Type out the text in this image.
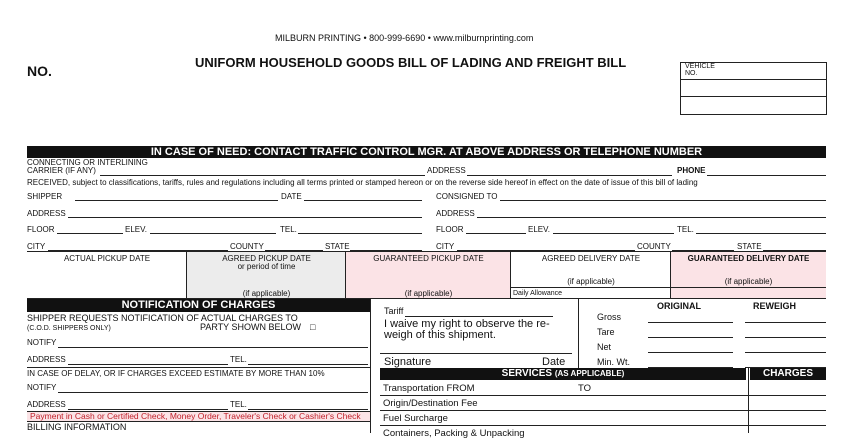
MILBURN PRINTING • 800-999-6690 • www.milburnprinting.com
NO.
UNIFORM HOUSEHOLD GOODS BILL OF LADING AND FREIGHT BILL	VEHICLE
NO.
IN CASE OF NEED: CONTACT TRAFFIC CONTROL MGR. AT ABOVE ADDRESS OR TELEPHONE NUMBER
CONNECTING OR INTERLINING
CARRIER (IF ANY)	ADDRESS	PHONE
RECEIVED, subject to classifications, tariffs, rules and regulations including all terms printed or stamped hereon or on the reverse side hereof in effect on the date of issue of this bill of lading
SHIPPER	DATE
ADDRESS
FLOOR	ELEV.	TEL.
CITY	COUNTY	STATE
CONSIGNED TO
ADDRESS
FLOOR	ELEV.	TEL.
CITY	COUNTY	STATE
ACTUAL PICKUP DATE	AGREED PICKUP DATE
or period of time
(if applicable)
GUARANTEED PICKUP DATE
(if applicable)
AGREED DELIVERY DATE
(if applicable)
Daily Allowance
GUARANTEED DELIVERY DATE
(if applicable)
NOTIFICATION OF CHARGES
SHIPPER REQUESTS NOTIFICATION OF ACTUAL CHARGES TO
(C.O.D. SHIPPERS ONLY)	PARTY SHOWN BELOW □
NOTIFY
ADDRESS	TEL.
IN CASE OF DELAY, OR IF CHARGES EXCEED ESTIMATE BY MORE THAN 10%
NOTIFY
ADDRESS	TEL.
Payment in Cash or Certified Check, Money Order, Traveler's Check or Cashier's Check
BILLING INFORMATION
Tariff
I waive my right to observe the re-
weigh of this shipment.
Signature	Date
ORIGINAL	REWEIGH
Gross
Tare
Net
Min. Wt.
SERVICES (AS APPLICABLE)	CHARGES
Transportation FROM	TO
Origin/Destination Fee
Fuel Surcharge
Containers, Packing & Unpacking
